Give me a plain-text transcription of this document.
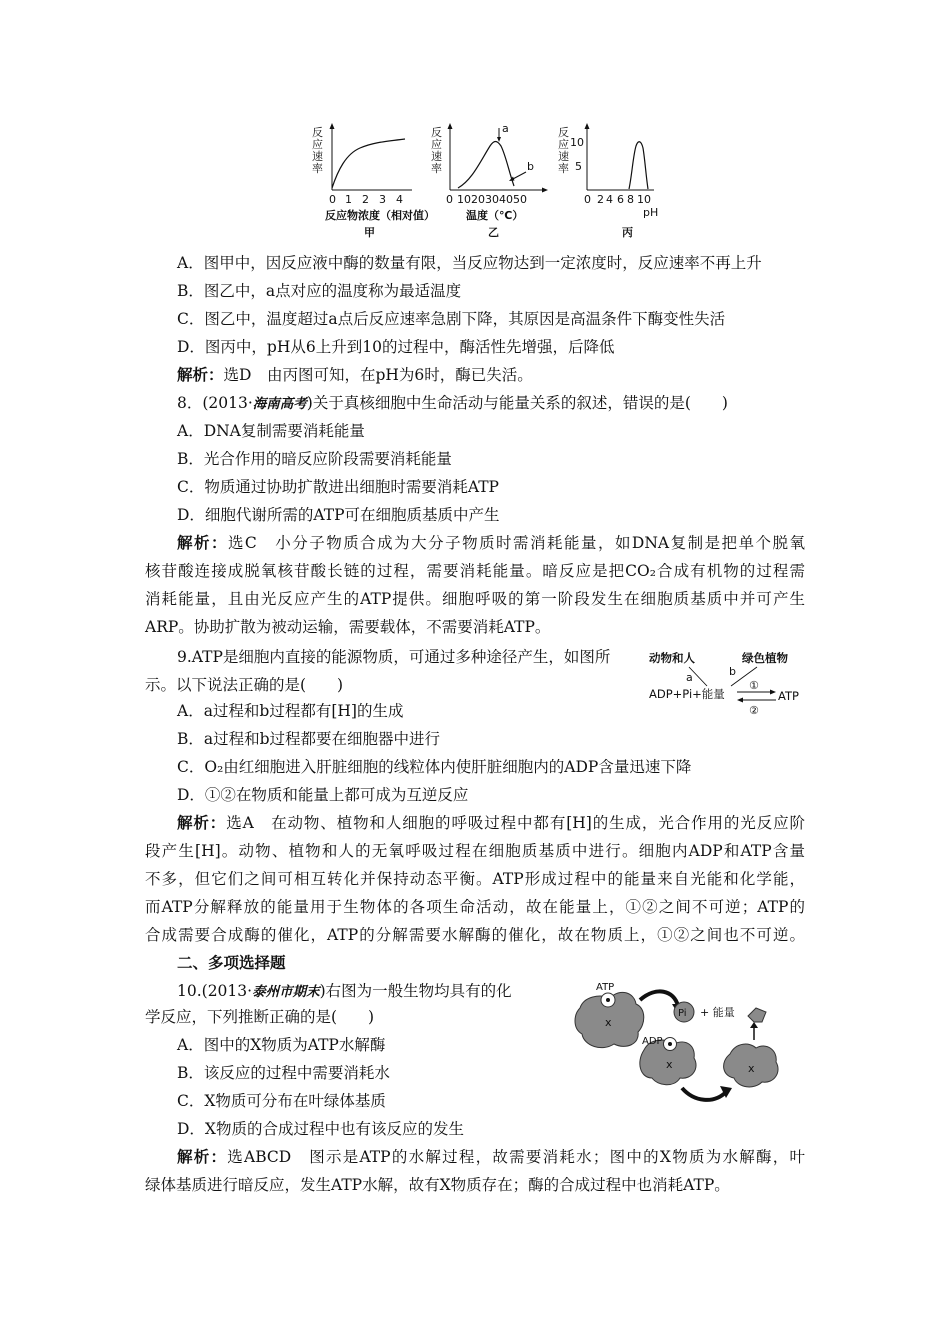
反
应
速
率
0 1 2 3 4
反应物浓度（相对值）
甲
反
应
速
率
a
b
0 10 20 30 40 50
温度（℃）
乙
反
应
速
率
10
5
0 2 4 6 8 10
pH
丙
A．图甲中，因反应液中酶的数量有限，当反应物达到一定浓度时，反应速率不再上升
B．图乙中，a点对应的温度称为最适温度
C．图乙中，温度超过a点后反应速率急剧下降，其原因是高温条件下酶变性失活
D．图丙中，pH从6上升到10的过程中，酶活性先增强，后降低
解析：选D　由丙图可知，在pH为6时，酶已失活。
8．(2013·海南高考)关于真核细胞中生命活动与能量关系的叙述，错误的是(　　)
A．DNA复制需要消耗能量
B．光合作用的暗反应阶段需要消耗能量
C．物质通过协助扩散进出细胞时需要消耗ATP
D．细胞代谢所需的ATP可在细胞质基质中产生
解析：选C　小分子物质合成为大分子物质时需消耗能量，如DNA复制是把单个脱氧
核苷酸连接成脱氧核苷酸长链的过程，需要消耗能量。暗反应是把CO₂合成有机物的过程需
消耗能量，且由光反应产生的ATP提供。细胞呼吸的第一阶段发生在细胞质基质中并可产生
ARP。协助扩散为被动运输，需要载体，不需要消耗ATP。
9.ATP是细胞内直接的能源物质，可通过多种途径产生，如图所
示。以下说法正确的是(　　)
动物和人	绿色植物
a	b
ADP+Pi+能量
①
②
ATP
A．a过程和b过程都有[H]的生成
B．a过程和b过程都要在细胞器中进行
C．O₂由红细胞进入肝脏细胞的线粒体内使肝脏细胞内的ADP含量迅速下降
D．①②在物质和能量上都可成为互逆反应
解析：选A　在动物、植物和人细胞的呼吸过程中都有[H]的生成，光合作用的光反应阶
段产生[H]。动物、植物和人的无氧呼吸过程在细胞质基质中进行。细胞内ADP和ATP含量
不多，但它们之间可相互转化并保持动态平衡。ATP形成过程中的能量来自光能和化学能，
而ATP分解释放的能量用于生物体的各项生命活动，故在能量上，①②之间不可逆；ATP的
合成需要合成酶的催化，ATP的分解需要水解酶的催化，故在物质上，①②之间也不可逆。
二、多项选择题
10.(2013·泰州市期末)右图为一般生物均具有的化
学反应，下列推断正确的是(　　)
ATP
x
Pi + 能量
ADP
x	x
A．图中的X物质为ATP水解酶
B．该反应的过程中需要消耗水
C．X物质可分布在叶绿体基质
D．X物质的合成过程中也有该反应的发生
解析：选ABCD　图示是ATP的水解过程，故需要消耗水；图中的X物质为水解酶，叶
绿体基质进行暗反应，发生ATP水解，故有X物质存在；酶的合成过程中也消耗ATP。
